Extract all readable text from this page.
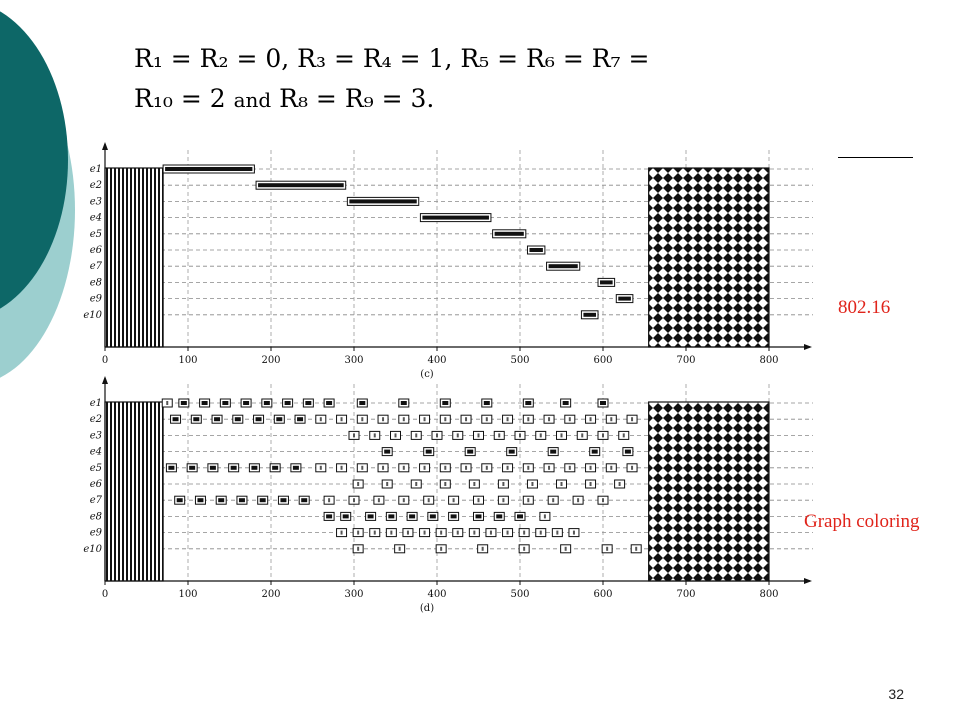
R₁ = R₂ = 0, R₃ = R₄ = 1, R₅ = R₆ = R₇ =
R₁₀ = 2 and R₈ = R₉ = 3.
0	100	200	300	400	500	600	700	800
e1
e2
e3
e4
e5
e6
e7
e8
e9
e10
(c)
0	100	200	300	400	500	600	700	800
e1
e2
e3
e4
e5
e6
e7
e8
e9
e10
(d)
802.16
Graph coloring
32
